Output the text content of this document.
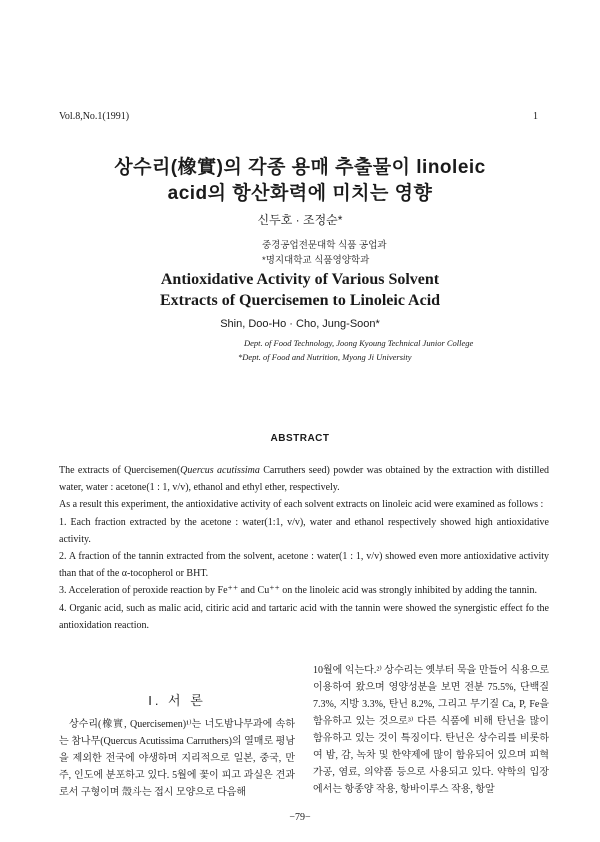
Vol.8,No.1(1991)	1
상수리(橡實)의 각종 용매 추출물이 linoleic
acid의 항산화력에 미치는 영향
신두호 · 조정순*
중경공업전문대학 식품 공업과
*명지대학교 식품영양학과
Antioxidative Activity of Various Solvent
Extracts of Quercisemen to Linoleic Acid
Shin, Doo-Ho · Cho, Jung-Soon*
Dept. of Food Technology, Joong Kyoung Technical Junior College
*Dept. of Food and Nutrition, Myong Ji University
ABSTRACT

The extracts of Quercisemen(Quercus acutissima Carruthers seed) powder was obtained by the extraction with distilled water, water : acetone(1 : 1, v/v), ethanol and ethyl ether, respectively.

As a result this experiment, the antioxidative activity of each solvent extracts on linoleic acid were examined as follows :

1. Each fraction extracted by the acetone : water(1:1, v/v), water and ethanol respectively showed high antioxidative activity.

2. A fraction of the tannin extracted from the solvent, acetone : water(1 : 1, v/v) showed even more antioxidative activity than that of the α-tocopherol or BHT.

3. Acceleration of peroxide reaction by Fe⁺⁺ and Cu⁺⁺ on the linoleic acid was strongly inhibited by adding the tannin.

4. Organic acid, such as malic acid, citiric acid and tartaric acid with the tannin were showed the synergistic effect fo the antioxidation reaction.

I. 서 론

상수리(橡實, Quercisemen)¹⁾는 너도밤나무과에 속하는 참나무(Quercus Acutissima Carruthers)의 열매로 평남을 제외한 전국에 야생하며 지리적으로 일본, 중국, 만주, 인도에 분포하고 있다. 5월에 꽃이 피고 과실은 견과로서 구형이며 殼斗는 접시 모양으로 다음해

10월에 익는다.²⁾ 상수리는 옛부터 묵을 만들어 식용으로 이용하여 왔으며 영양성분을 보면 전분 75.5%, 단백질 7.3%, 지방 3.3%, 탄닌 8.2%, 그리고 무기질 Ca, P, Fe을 함유하고 있는 것으로³⁾ 다른 식품에 비해 탄닌을 많이 함유하고 있는 것이 특징이다. 탄닌은 상수리를 비롯하여 밤, 감, 녹차 및 한약제에 많이 함유되어 있으며 피혁가공, 염료, 의약품 등으로 사용되고 있다. 약학의 입장에서는 항종양 작용, 항바이루스 작용, 항알

−79−
